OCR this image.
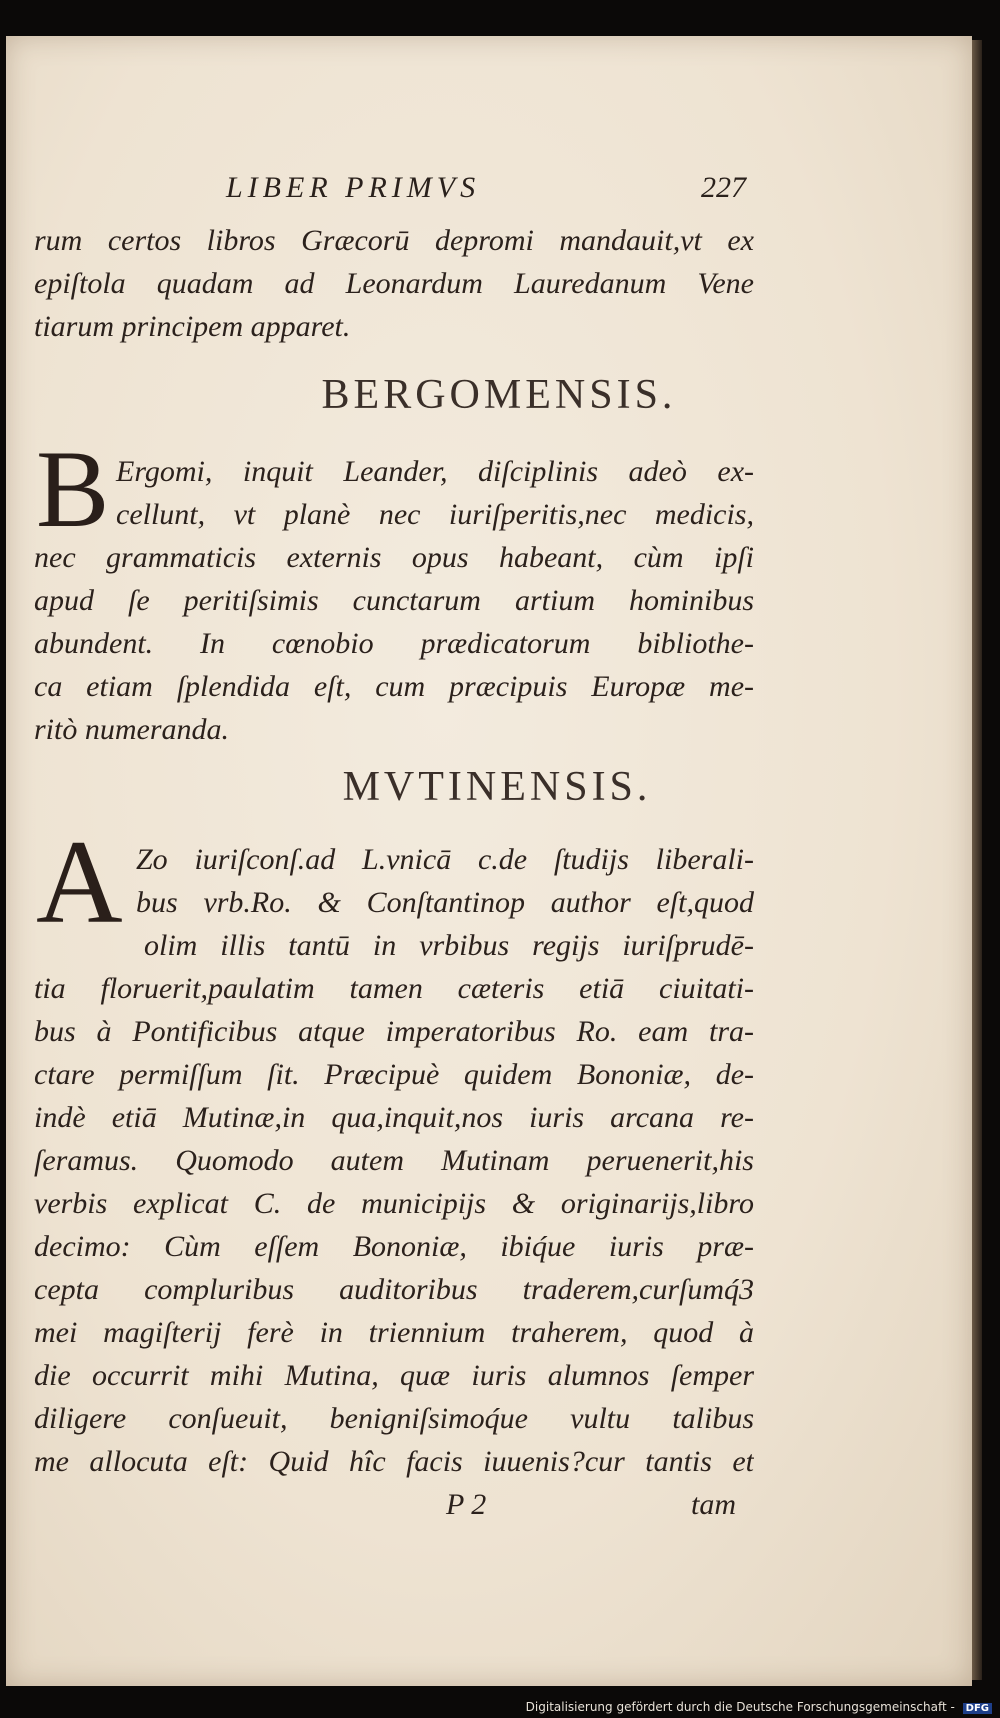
LIBER PRIMVS	227
rum certos libros Græcorū depromi mandauit,vt ex
epiſtola quadam ad Leonardum Lauredanum Vene
tiarum principem apparet.
BERGOMENSIS.
B Ergomi, inquit Leander, diſciplinis adeò ex-
cellunt, vt planè nec iuriſperitis,nec medicis,
nec grammaticis externis opus habeant, cùm ipſi
apud ſe peritiſsimis cunctarum artium hominibus
abundent. In cœnobio prædicatorum bibliothe-
ca etiam ſplendida eſt, cum præcipuis Europæ me-
ritò numeranda.
MVTINENSIS.
A Zo iuriſconſ.ad L.vnicā c.de ſtudijs liberali-
bus vrb.Ro. & Conſtantinop author eſt,quod
olim illis tantū in vrbibus regijs iuriſprudē-
tia floruerit,paulatim tamen cæteris etiā ciuitati-
bus à Pontificibus atque imperatoribus Ro. eam tra-
ctare permiſſum ſit. Præcipuè quidem Bononiæ, de-
indè etiā Mutinæ,in qua,inquit,nos iuris arcana re-
ſeramus. Quomodo autem Mutinam peruenerit,his
verbis explicat C. de municipijs & originarijs,libro
decimo: Cùm eſſem Bononiæ, ibiq́ue iuris præ-
cepta compluribus auditoribus traderem,curſumq́3
mei magiſterij ferè in triennium traherem, quod à
die occurrit mihi Mutina, quæ iuris alumnos ſemper
diligere conſueuit, benigniſsimoq́ue vultu talibus
me allocuta eſt: Quid hîc facis iuuenis?cur tantis et
P 2	tam
Digitalisierung gefördert durch die Deutsche Forschungsgemeinschaft - DFG
